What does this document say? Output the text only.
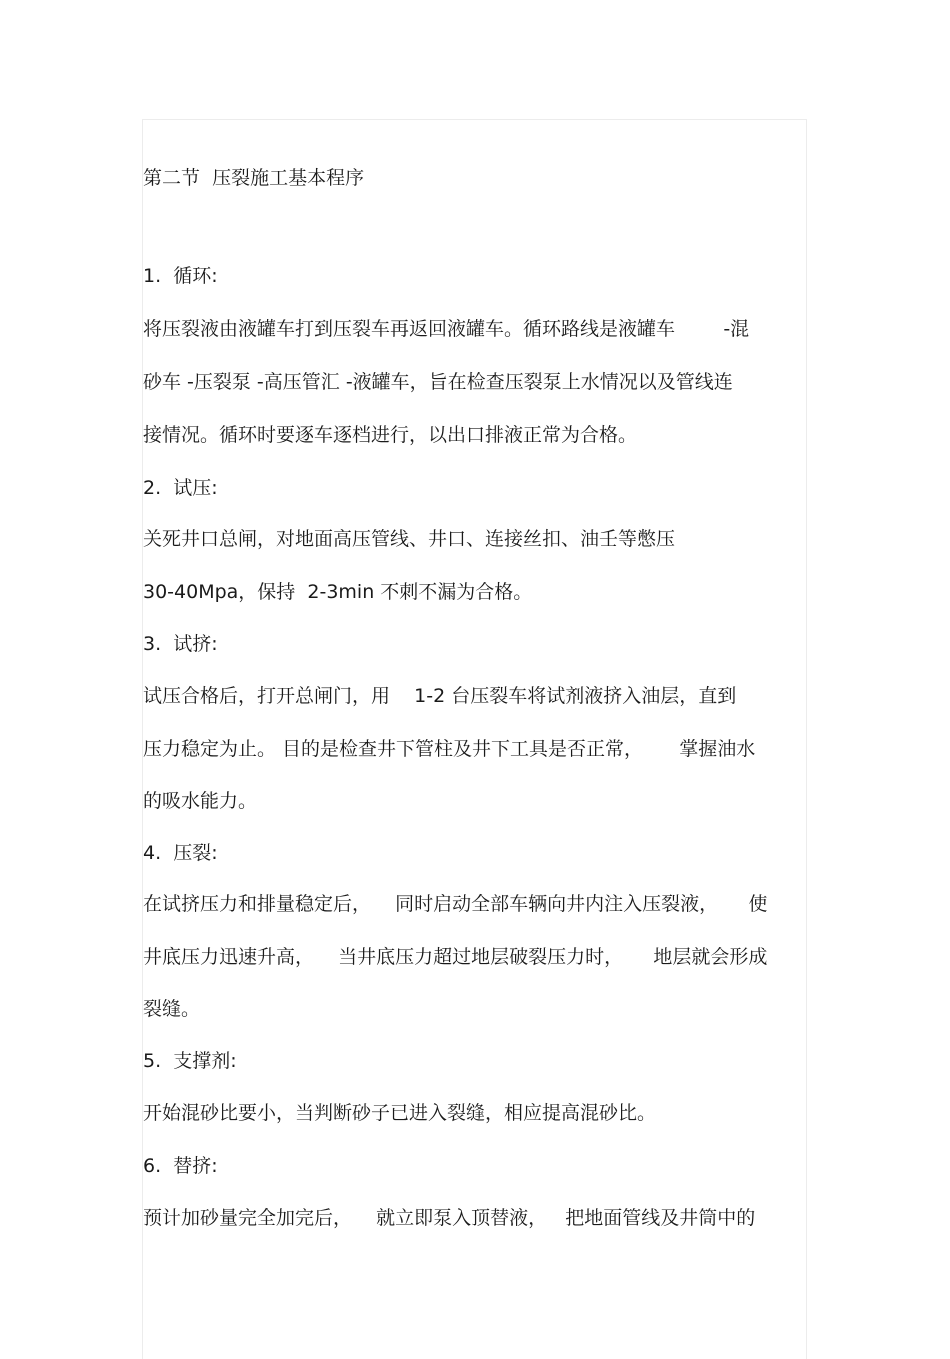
第二节  压裂施工基本程序
1.  循环:
将压裂液由液罐车打到压裂车再返回液罐车。循环路线是液罐车        -混
砂车 -压裂泵 -高压管汇 -液罐车，旨在检查压裂泵上水情况以及管线连
接情况。循环时要逐车逐档进行，以出口排液正常为合格。
2.  试压:
关死井口总闸，对地面高压管线、井口、连接丝扣、油壬等憋压
30-40Mpa，保持  2-3min 不刺不漏为合格。
3.  试挤:
试压合格后，打开总闸门，用    1-2 台压裂车将试剂液挤入油层，直到
压力稳定为止。 目的是检查井下管柱及井下工具是否正常，      掌握油水
的吸水能力。
4.  压裂:
在试挤压力和排量稳定后，    同时启动全部车辆向井内注入压裂液，     使
井底压力迅速升高，    当井底压力超过地层破裂压力时，     地层就会形成
裂缝。
5.  支撑剂:
开始混砂比要小，当判断砂子已进入裂缝，相应提高混砂比。
6.  替挤:
预计加砂量完全加完后，    就立即泵入顶替液，   把地面管线及井筒中的
